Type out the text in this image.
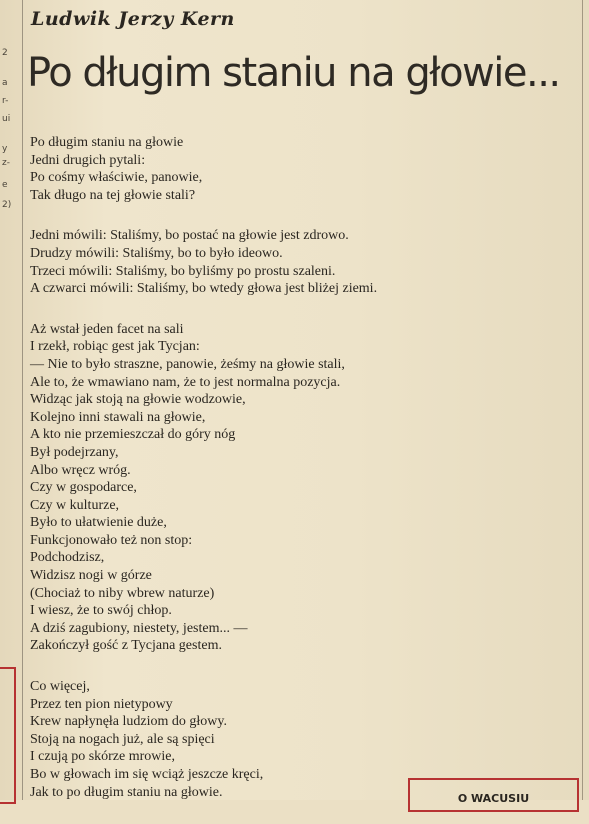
2
a
r-
ui
y
z-
e
2)
Ludwik Jerzy Kern
Po długim staniu na głowie...
Po długim staniu na głowie
Jedni drugich pytali:
Po cośmy właściwie, panowie,
Tak długo na tej głowie stali?
Jedni mówili: Staliśmy, bo postać na głowie jest zdrowo.
Drudzy mówili: Staliśmy, bo to było ideowo.
Trzeci mówili: Staliśmy, bo byliśmy po prostu szaleni.
A czwarci mówili: Staliśmy, bo wtedy głowa jest bliżej ziemi.
Aż wstał jeden facet na sali
I rzekł, robiąc gest jak Tycjan:
— Nie to było straszne, panowie, żeśmy na głowie stali,
Ale to, że wmawiano nam, że to jest normalna pozycja.
Widząc jak stoją na głowie wodzowie,
Kolejno inni stawali na głowie,
A kto nie przemieszczał do góry nóg
Był podejrzany,
Albo wręcz wróg.
Czy w gospodarce,
Czy w kulturze,
Było to ułatwienie duże,
Funkcjonowało też non stop:
Podchodzisz,
Widzisz nogi w górze
(Chociaż to niby wbrew naturze)
I wiesz, że to swój chłop.
A dziś zagubiony, niestety, jestem... —
Zakończył gość z Tycjana gestem.
Co więcej,
Przez ten pion nietypowy
Krew napłynęła ludziom do głowy.
Stoją na nogach już, ale są spięci
I czują po skórze mrowie,
Bo w głowach im się wciąż jeszcze kręci,
Jak to po długim staniu na głowie.	O WACUSIU
